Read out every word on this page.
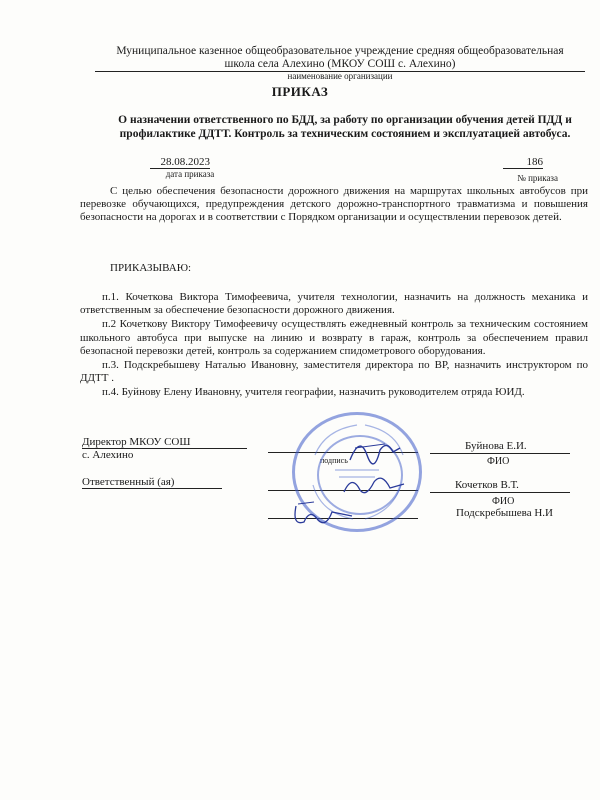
Муниципальное казенное общеобразовательное учреждение средняя общеобразовательная
школа села Алехино (МКОУ СОШ с. Алехино)
наименование организации
ПРИКАЗ
О назначении ответственного по БДД, за работу по организации обучения детей ПДД и профилактике ДДТТ. Контроль за техническим состоянием и эксплуатацией автобуса.
28.08.2023
дата приказа
186
№ приказа
С целью обеспечения безопасности дорожного движения на маршрутах школьных автобусов при перевозке обучающихся, предупреждения детского дорожно-транспортного травматизма и повышения безопасности на дорогах и в соответствии с Порядком организации и осуществлении перевозок детей.
ПРИКАЗЫВАЮ:
п.1. Кочеткова Виктора Тимофеевича, учителя технологии, назначить на должность механика и ответственным за обеспечение безопасности дорожного движения.
п.2 Кочеткову Виктору Тимофеевичу осуществлять ежедневный контроль за техническим состоянием школьного автобуса при выпуске на линию и возврату в гараж, контроль за обеспечением правил безопасной перевозки детей, контроль за содержанием спидометрового оборудования.
п.3. Подскребышеву Наталью Ивановну, заместителя директора по ВР, назначить инструктором по ДДТТ .
п.4. Буйнову Елену Ивановну, учителя географии, назначить руководителем отряда ЮИД.
Директор МКОУ СОШ
с. Алехино	подпись
Буйнова Е.И.
ФИО
Ответственный (ая)	Кочетков В.Т.
ФИО
Подскребышева Н.И
